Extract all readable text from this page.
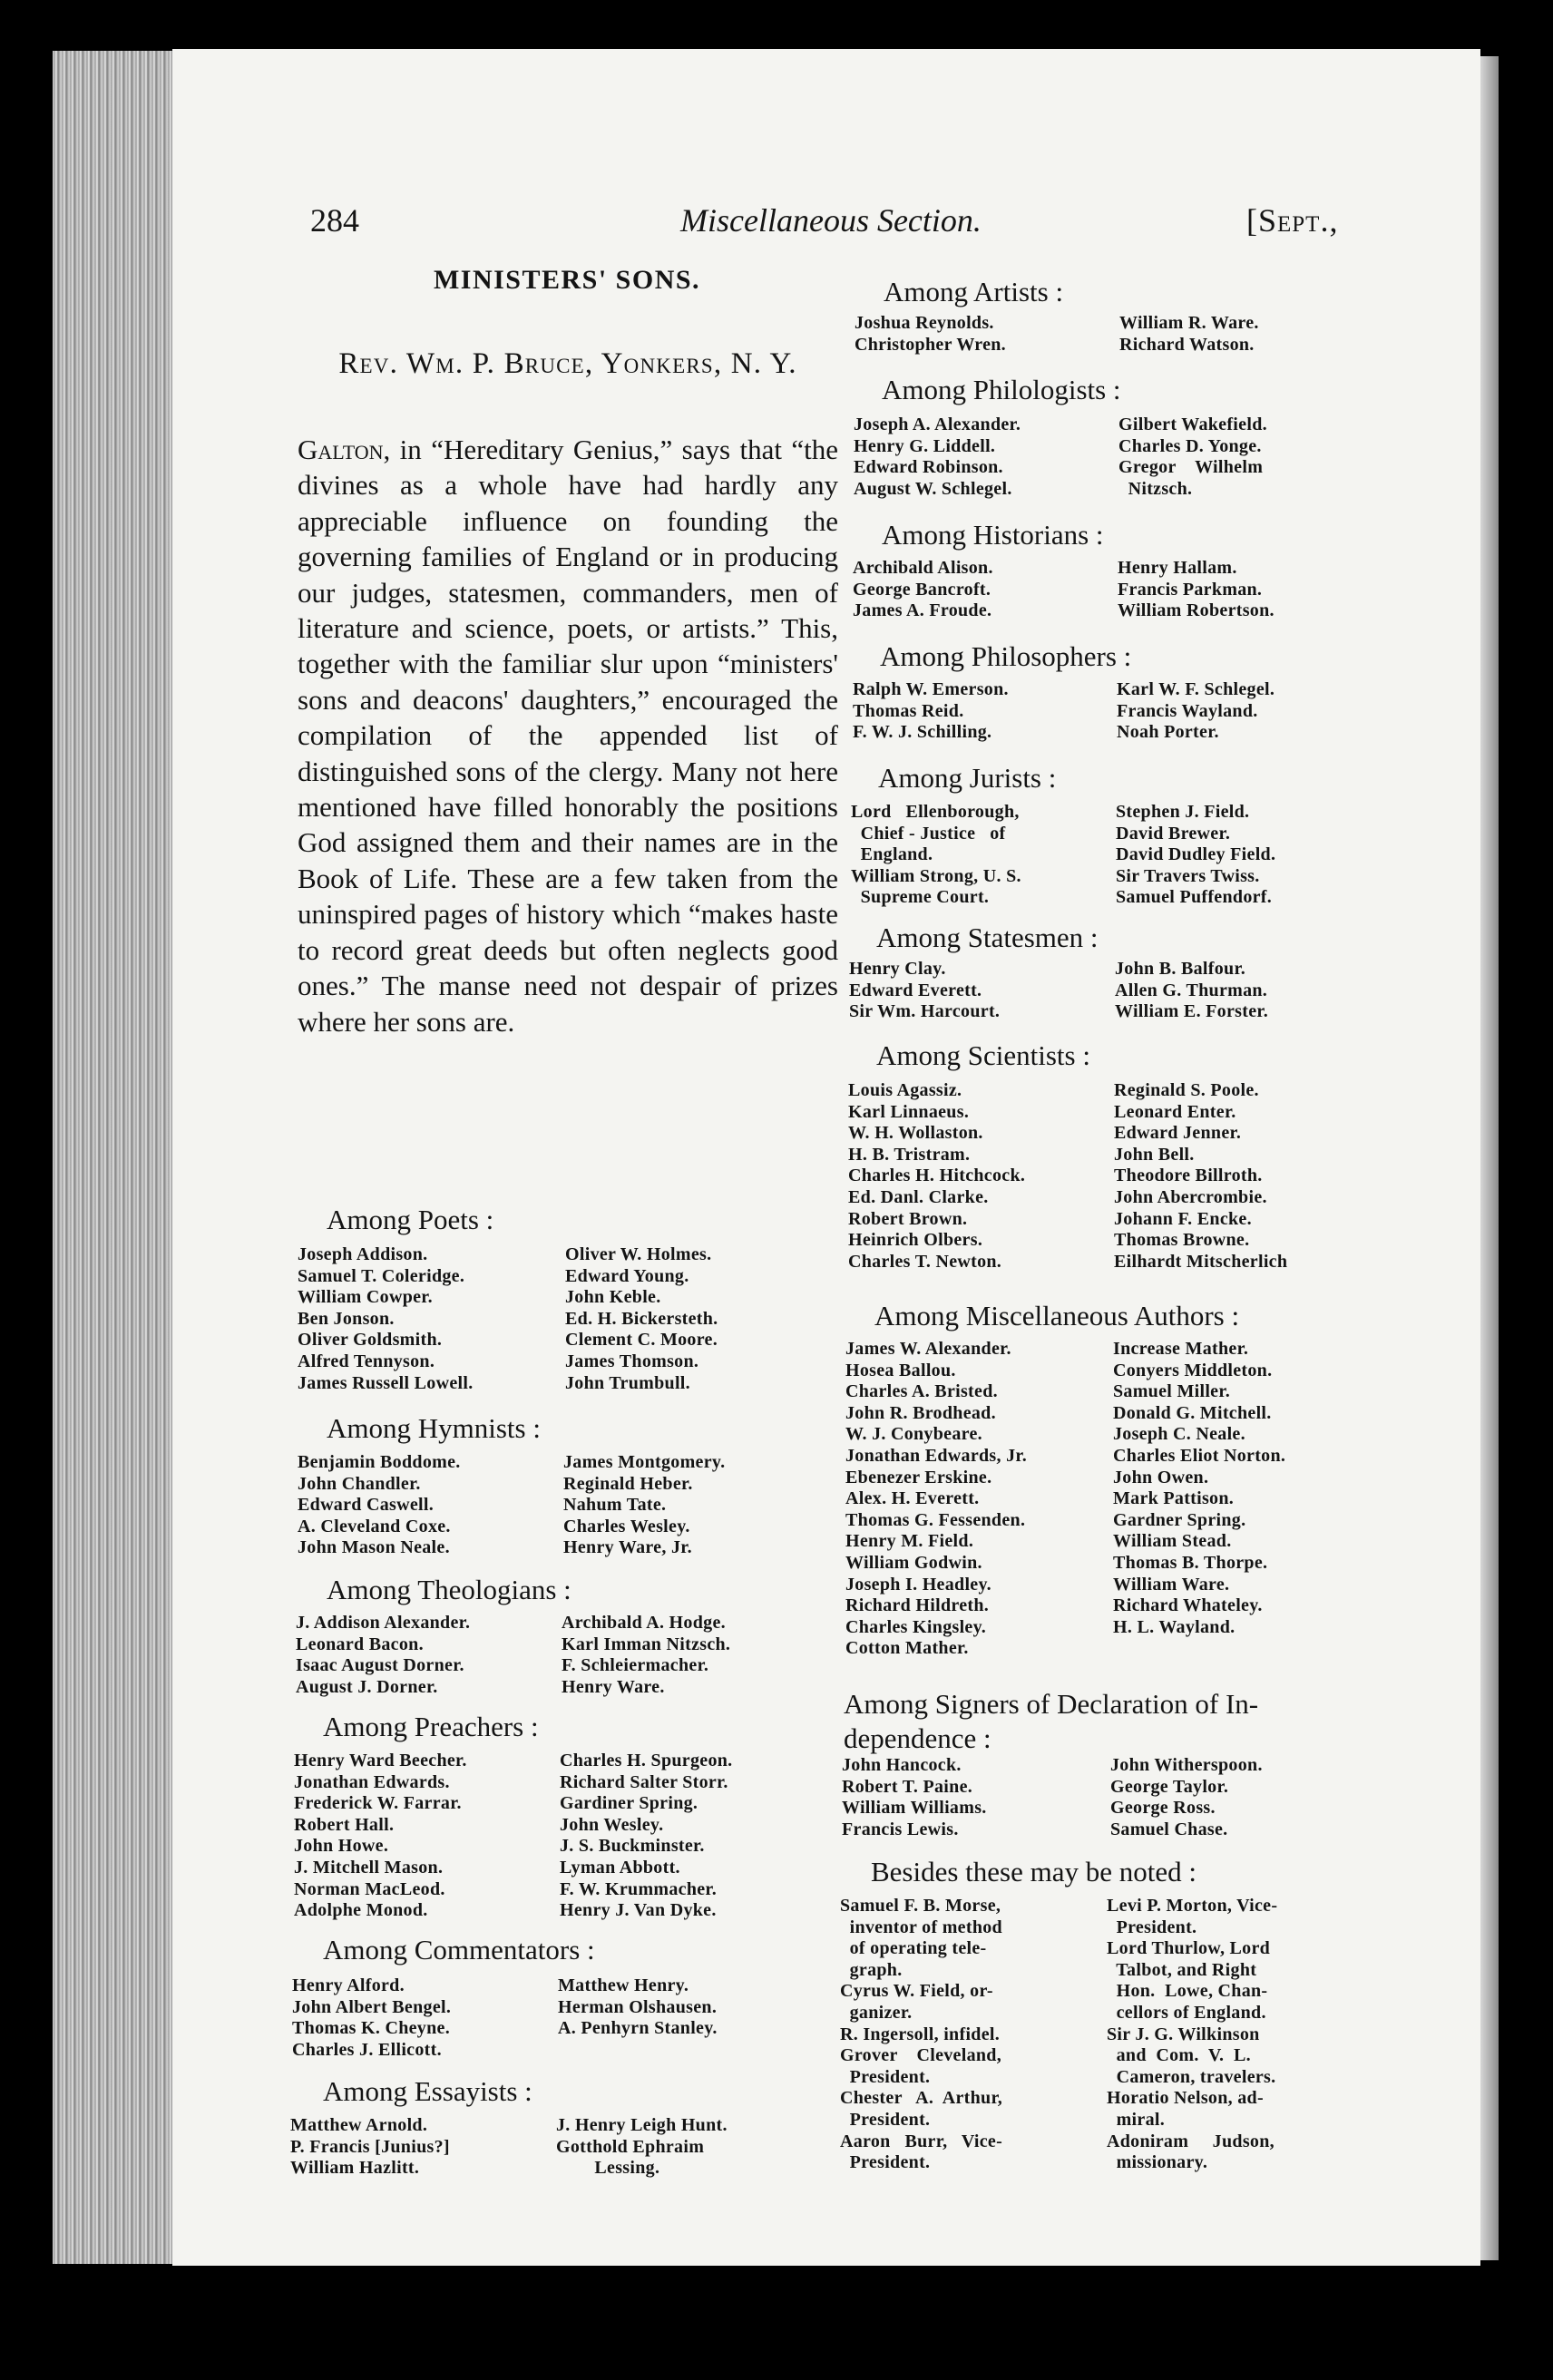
284	Miscellaneous Section.	[Sept.,
MINISTERS' SONS.
Rev. Wm. P. Bruce, Yonkers, N. Y.
Galton, in “Hereditary Genius,” says that “the divines as a whole have had hardly any appreciable influence on founding the governing families of England or in producing our judges, statesmen, commanders, men of literature and science, poets, or artists.” This, together with the familiar slur upon “ministers' sons and deacons' daughters,” encouraged the compilation of the appended list of distinguished sons of the clergy. Many not here mentioned have filled honorably the positions God assigned them and their names are in the Book of Life. These are a few taken from the uninspired pages of history which “makes haste to record great deeds but often neglects good ones.” The manse need not despair of prizes where her sons are.
Among Poets :
Joseph Addison.
Samuel T. Coleridge.
William Cowper.
Ben Jonson.
Oliver Goldsmith.
Alfred Tennyson.
James Russell Lowell.
Oliver W. Holmes.
Edward Young.
John Keble.
Ed. H. Bickersteth.
Clement C. Moore.
James Thomson.
John Trumbull.
Among Hymnists :
Benjamin Boddome.
John Chandler.
Edward Caswell.
A. Cleveland Coxe.
John Mason Neale.
James Montgomery.
Reginald Heber.
Nahum Tate.
Charles Wesley.
Henry Ware, Jr.
Among Theologians :
J. Addison Alexander.
Leonard Bacon.
Isaac August Dorner.
August J. Dorner.
Archibald A. Hodge.
Karl Imman Nitzsch.
F. Schleiermacher.
Henry Ware.
Among Preachers :
Henry Ward Beecher.
Jonathan Edwards.
Frederick W. Farrar.
Robert Hall.
John Howe.
J. Mitchell Mason.
Norman MacLeod.
Adolphe Monod.
Charles H. Spurgeon.
Richard Salter Storr.
Gardiner Spring.
John Wesley.
J. S. Buckminster.
Lyman Abbott.
F. W. Krummacher.
Henry J. Van Dyke.
Among Commentators :
Henry Alford.
John Albert Bengel.
Thomas K. Cheyne.
Charles J. Ellicott.
Matthew Henry.
Herman Olshausen.
A. Penhyrn Stanley.
Among Essayists :
Matthew Arnold.
P. Francis [Junius?]
William Hazlitt.
J. Henry Leigh Hunt.
Gotthold Ephraim
Lessing.
Among Artists :
Joshua Reynolds.
Christopher Wren.
William R. Ware.
Richard Watson.
Among Philologists :
Joseph A. Alexander.
Henry G. Liddell.
Edward Robinson.
August W. Schlegel.
Gilbert Wakefield.
Charles D. Yonge.
Gregor    Wilhelm
Nitzsch.
Among Historians :
Archibald Alison.
George Bancroft.
James A. Froude.
Henry Hallam.
Francis Parkman.
William Robertson.
Among Philosophers :
Ralph W. Emerson.
Thomas Reid.
F. W. J. Schilling.
Karl W. F. Schlegel.
Francis Wayland.
Noah Porter.
Among Jurists :
Lord   Ellenborough,
Chief - Justice   of
England.
William Strong, U. S.
Supreme Court.
Stephen J. Field.
David Brewer.
David Dudley Field.
Sir Travers Twiss.
Samuel Puffendorf.
Among Statesmen :
Henry Clay.
Edward Everett.
Sir Wm. Harcourt.
John B. Balfour.
Allen G. Thurman.
William E. Forster.
Among Scientists :
Louis Agassiz.
Karl Linnaeus.
W. H. Wollaston.
H. B. Tristram.
Charles H. Hitchcock.
Ed. Danl. Clarke.
Robert Brown.
Heinrich Olbers.
Charles T. Newton.
Reginald S. Poole.
Leonard Enter.
Edward Jenner.
John Bell.
Theodore Billroth.
John Abercrombie.
Johann F. Encke.
Thomas Browne.
Eilhardt Mitscherlich
Among Miscellaneous Authors :
James W. Alexander.
Hosea Ballou.
Charles A. Bristed.
John R. Brodhead.
W. J. Conybeare.
Jonathan Edwards, Jr.
Ebenezer Erskine.
Alex. H. Everett.
Thomas G. Fessenden.
Henry M. Field.
William Godwin.
Joseph I. Headley.
Richard Hildreth.
Charles Kingsley.
Cotton Mather.
Increase Mather.
Conyers Middleton.
Samuel Miller.
Donald G. Mitchell.
Joseph C. Neale.
Charles Eliot Norton.
John Owen.
Mark Pattison.
Gardner Spring.
William Stead.
Thomas B. Thorpe.
William Ware.
Richard Whateley.
H. L. Wayland.
Among Signers of Declaration of In-
dependence :
John Hancock.
Robert T. Paine.
William Williams.
Francis Lewis.
John Witherspoon.
George Taylor.
George Ross.
Samuel Chase.
Besides these may be noted :
Samuel F. B. Morse,
inventor of method
of operating tele-
graph.
Cyrus W. Field, or-
ganizer.
R. Ingersoll, infidel.
Grover    Cleveland,
President.
Chester   A.  Arthur,
President.
Aaron   Burr,   Vice-
President.
Levi P. Morton, Vice-
President.
Lord Thurlow, Lord
Talbot, and Right
Hon.  Lowe, Chan-
cellors of England.
Sir J. G. Wilkinson
and  Com.  V.  L.
Cameron, travelers.
Horatio Nelson, ad-
miral.
Adoniram     Judson,
missionary.
